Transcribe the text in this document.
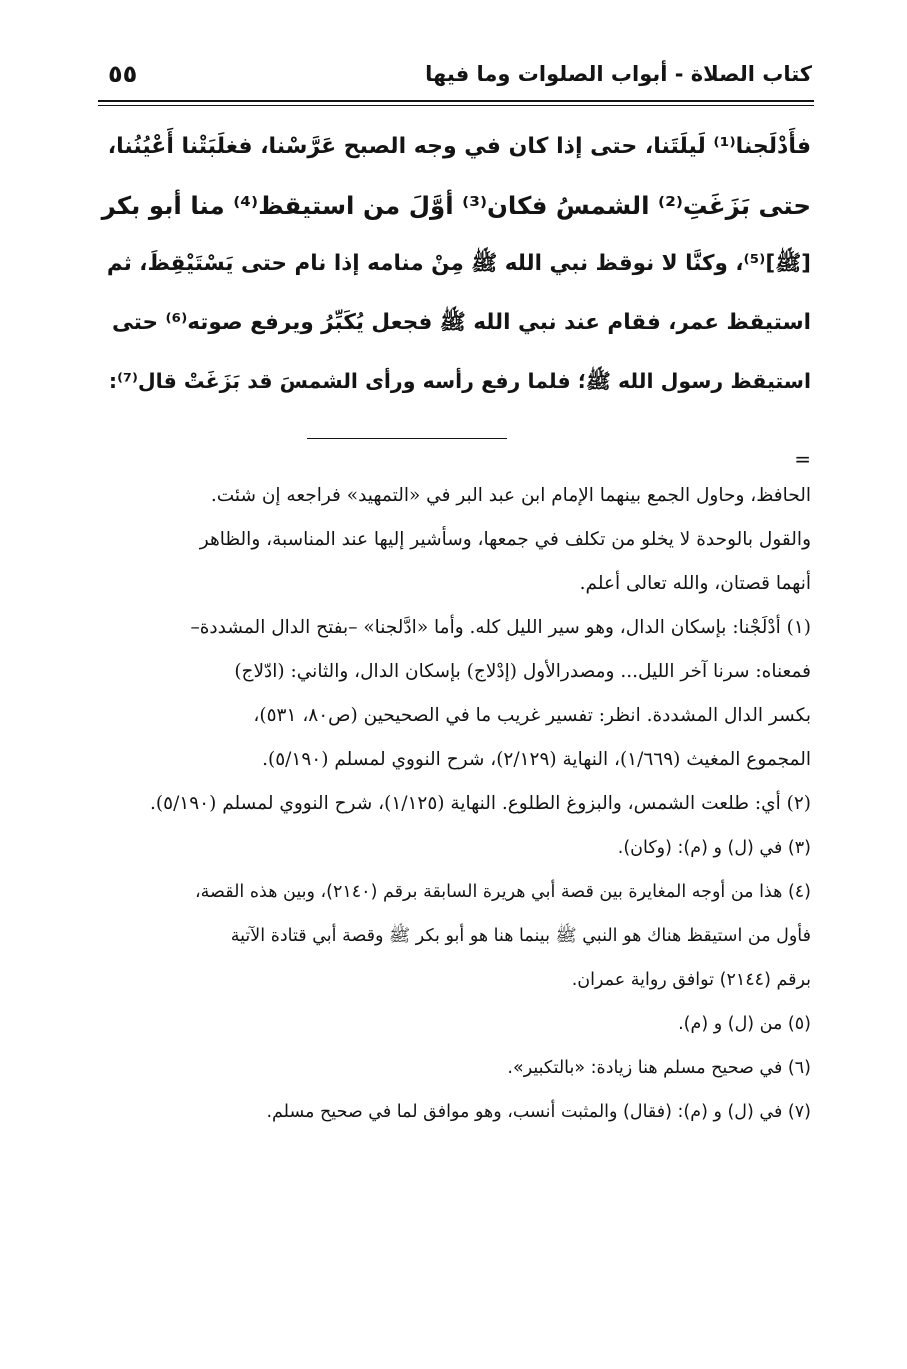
كتاب الصلاة - أبواب الصلوات وما فيها
٥٥
فأَدْلَجنا⁽¹⁾ لَيلَتَنا، حتى إذا كان في وجه الصبح عَرَّسْنا، فغلَبَتْنا أَعْيُنُنا،
حتى بَزَغَتِ⁽²⁾ الشمسُ فكان⁽³⁾ أوَّلَ من استيقظ⁽⁴⁾ منا أبو بكر
[ﷺ]⁽⁵⁾، وكنَّا لا نوقظ نبي الله ﷺ مِنْ منامه إذا نام حتى يَسْتَيْقِظَ، ثم
استيقظ عمر، فقام عند نبي الله ﷺ فجعل يُكَبِّرُ ويرفع صوته⁽⁶⁾ حتى
استيقظ رسول الله ﷺ؛ فلما رفع رأسه ورأى الشمسَ قد بَزَغَتْ قال⁽⁷⁾:
=
الحافظ، وحاول الجمع بينهما الإمام ابن عبد البر في «التمهيد» فراجعه إن شئت.
والقول بالوحدة لا يخلو من تكلف في جمعها، وسأشير إليها عند المناسبة، والظاهر
أنهما قصتان، والله تعالى أعلم.
(١) أدْلَجْنا: بإسكان الدال، وهو سير الليل كله. وأما «ادَّلجنا» –بفتح الدال المشددة–
فمعناه: سرنا آخر الليل... ومصدرالأول (إدْلاج) بإسكان الدال، والثاني: (ادّلاج)
بكسر الدال المشددة. انظر: تفسير غريب ما في الصحيحين (ص٨٠، ٥٣١)،
المجموع المغيث (١/٦٦٩)، النهاية (٢/١٢٩)، شرح النووي لمسلم (٥/١٩٠).
(٢) أي: طلعت الشمس، والبزوغ الطلوع. النهاية (١/١٢٥)، شرح النووي لمسلم (٥/١٩٠).
(٣) في (ل) و (م): (وكان).
(٤) هذا من أوجه المغايرة بين قصة أبي هريرة السابقة برقم (٢١٤٠)، وبين هذه القصة،
فأول من استيقظ هناك هو النبي ﷺ بينما هنا هو أبو بكر ﷺ وقصة أبي قتادة الآتية
برقم (٢١٤٤) توافق رواية عمران.
(٥) من (ل) و (م).
(٦) في صحيح مسلم هنا زيادة: «بالتكبير».
(٧) في (ل) و (م): (فقال) والمثبت أنسب، وهو موافق لما في صحيح مسلم.
